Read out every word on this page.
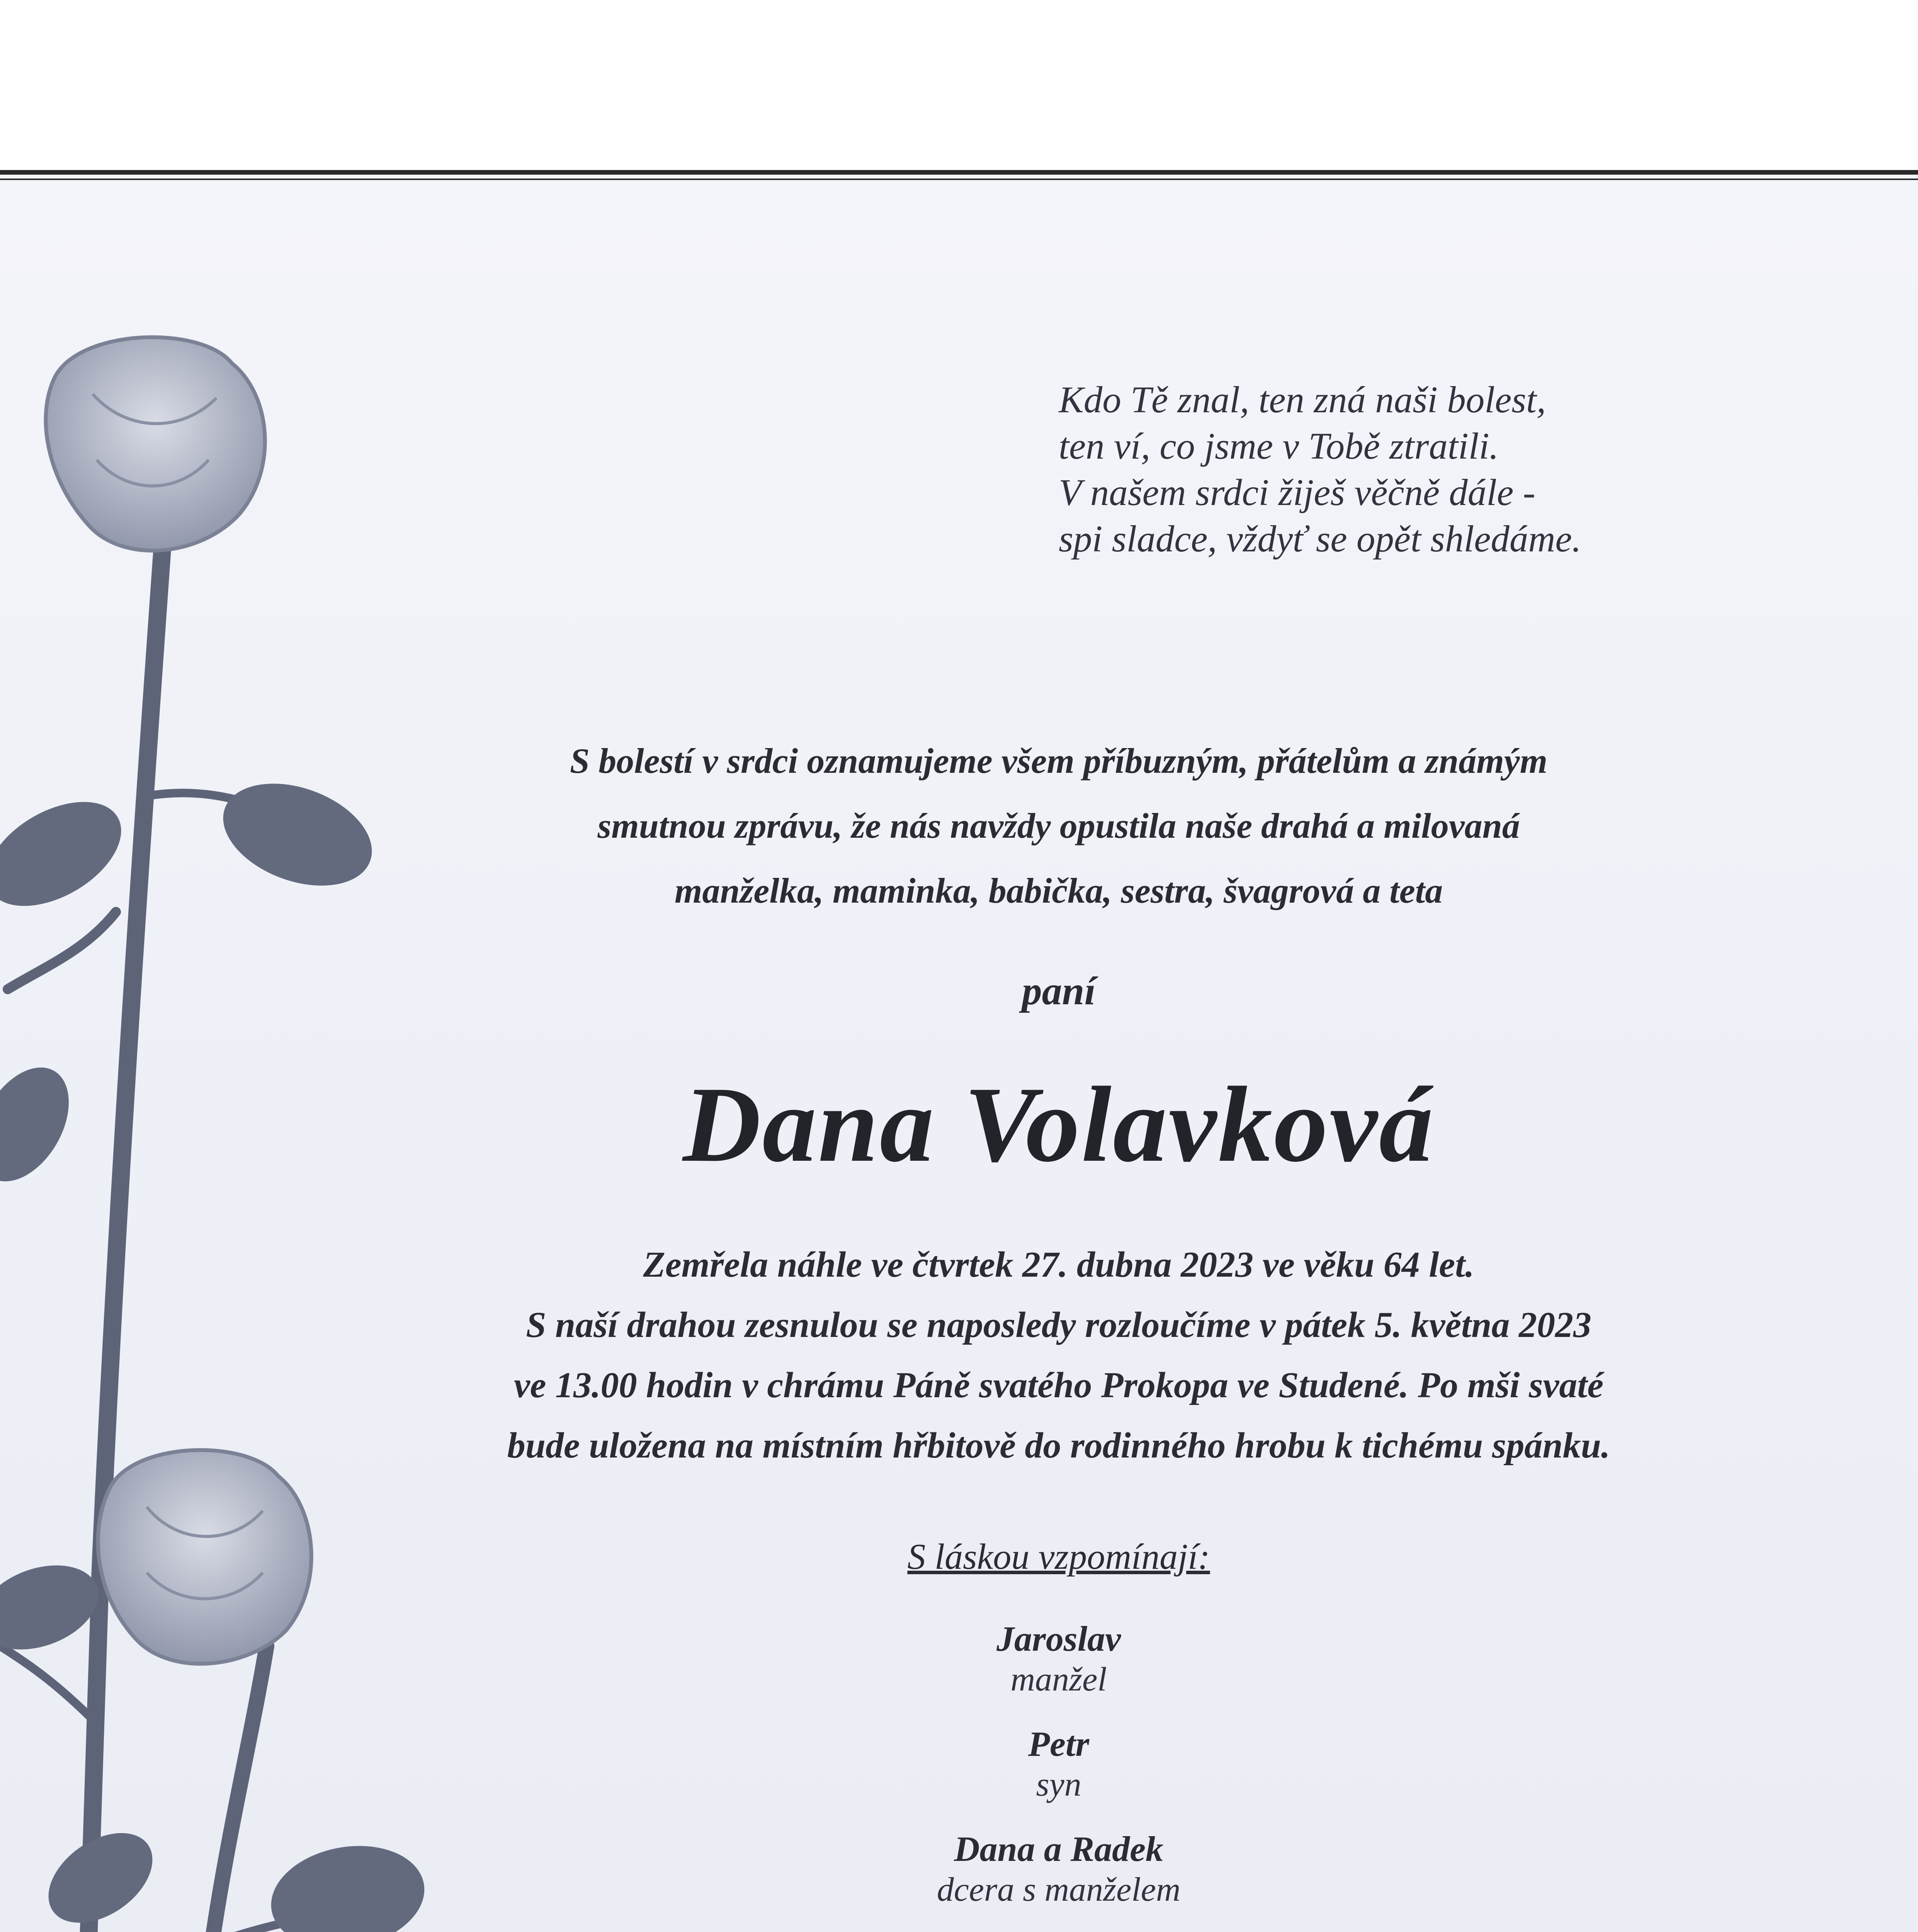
Kdo Tě znal, ten zná naši bolest,
ten ví, co jsme v Tobě ztratili.
V našem srdci žiješ věčně dále -
spi sladce, vždyť se opět shledáme.
S bolestí v srdci oznamujeme všem příbuzným, přátelům a známým
smutnou zprávu, že nás navždy opustila naše drahá a milovaná
manželka, maminka, babička, sestra, švagrová a teta
paní
Dana Volavková
Zemřela náhle ve čtvrtek 27. dubna 2023 ve věku 64 let.
S naší drahou zesnulou se naposledy rozloučíme v pátek 5. května 2023
ve 13.00 hodin v chrámu Páně svatého Prokopa ve Studené. Po mši svaté
bude uložena na místním hřbitově do rodinného hrobu k tichému spánku.
S láskou vzpomínají:
Jaroslav
manžel
Petr
syn
Dana a Radek
dcera s manželem
